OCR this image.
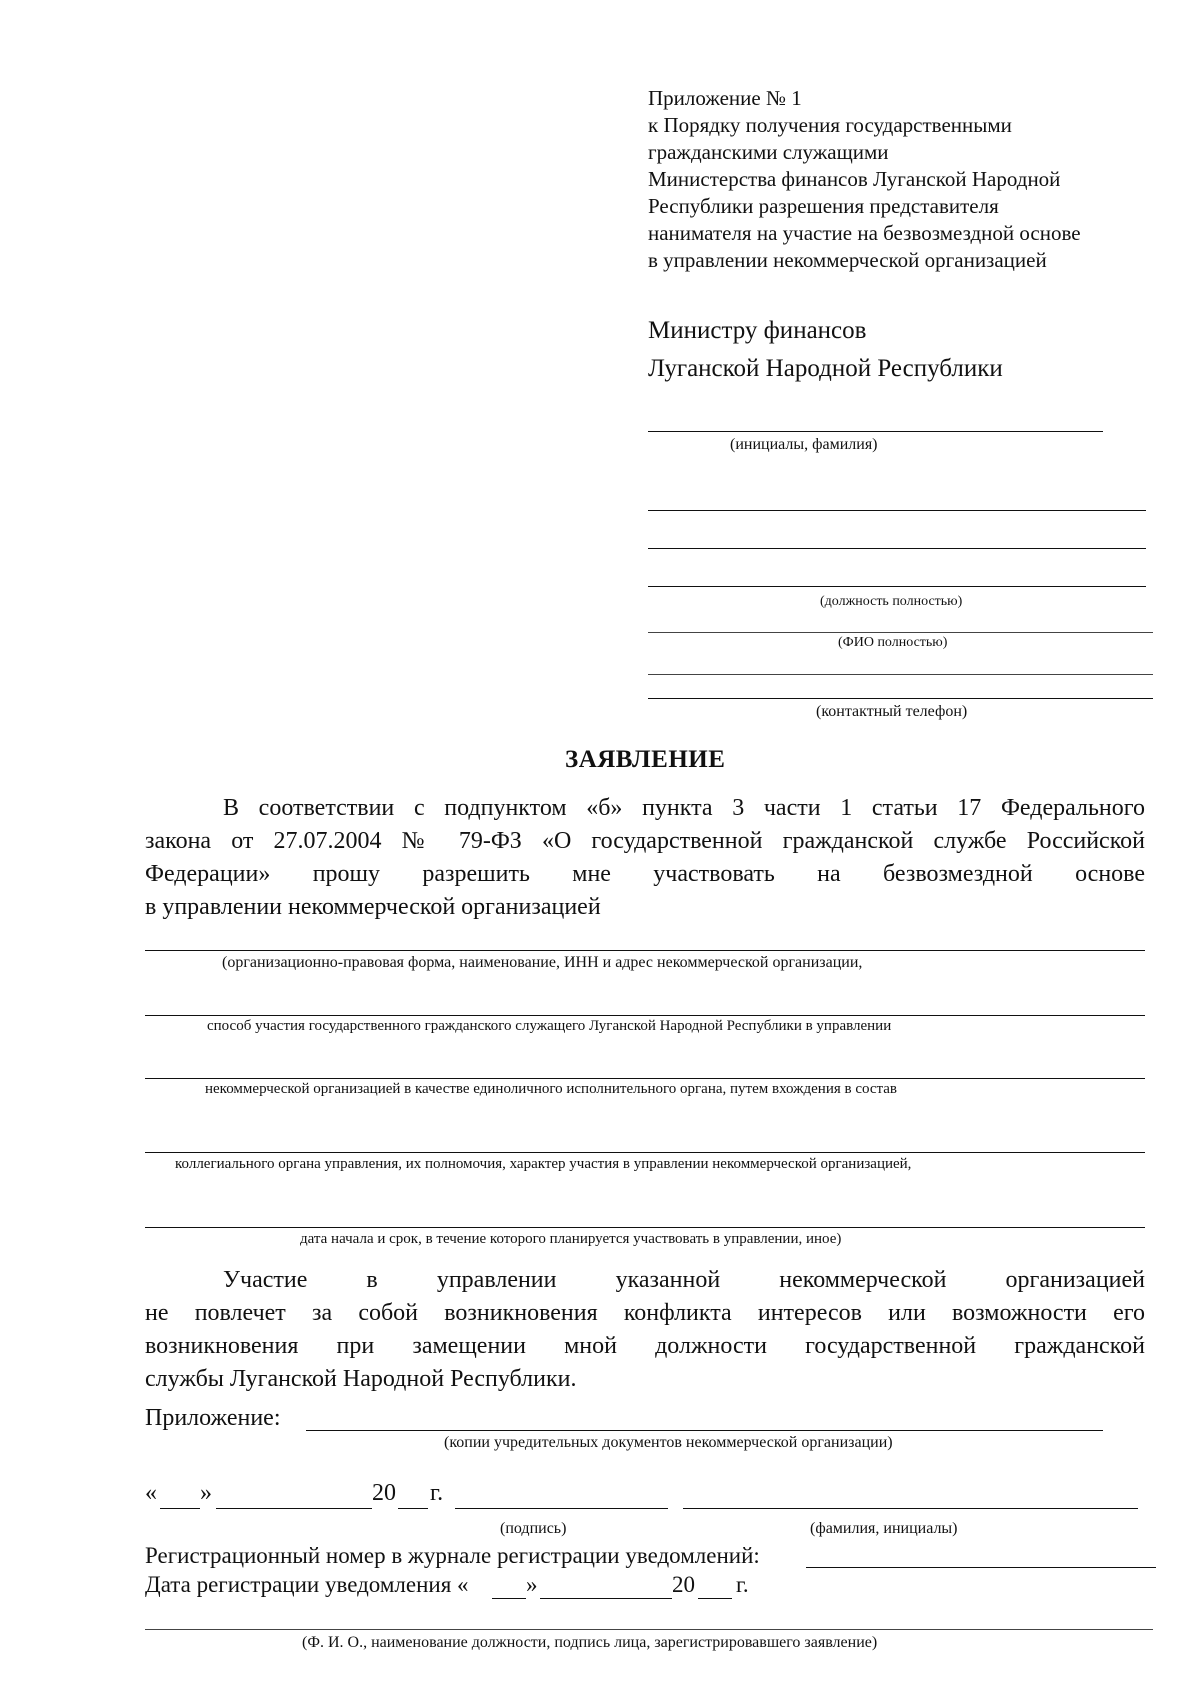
Приложение № 1
к Порядку получения государственными
гражданскими служащими
Министерства финансов Луганской Народной
Республики разрешения представителя
нанимателя на участие на безвозмездной основе
в управлении некоммерческой организацией
Министру финансов
Луганской Народной Республики
(инициалы, фамилия)
(должность полностью)
(ФИО полностью)
(контактный телефон)
ЗАЯВЛЕНИЕ
В соответствии с подпунктом «б» пункта 3 части 1 статьи 17 Федерального
закона от 27.07.2004 № 79-ФЗ «О государственной гражданской службе Российской
Федерации» прошу разрешить мне участвовать на безвозмездной основе
в управлении некоммерческой организацией
(организационно-правовая форма, наименование, ИНН и адрес некоммерческой организации,
способ участия государственного гражданского служащего Луганской Народной Республики в управлении
некоммерческой организацией в качестве единоличного исполнительного органа, путем вхождения в состав
коллегиального органа управления, их полномочия, характер участия в управлении некоммерческой организацией,
дата начала и срок, в течение которого планируется участвовать в управлении, иное)
Участие в управлении указанной некоммерческой организацией
не повлечет за собой возникновения конфликта интересов или возможности его
возникновения при замещении мной должности государственной гражданской
службы Луганской Народной Республики.
Приложение:
(копии учредительных документов некоммерческой организации)
« »	20 г.
(подпись)	(фамилия, инициалы)
Регистрационный номер в журнале регистрации уведомлений:
Дата регистрации уведомления « »	20 г.
(Ф. И. О., наименование должности, подпись лица, зарегистрировавшего заявление)
